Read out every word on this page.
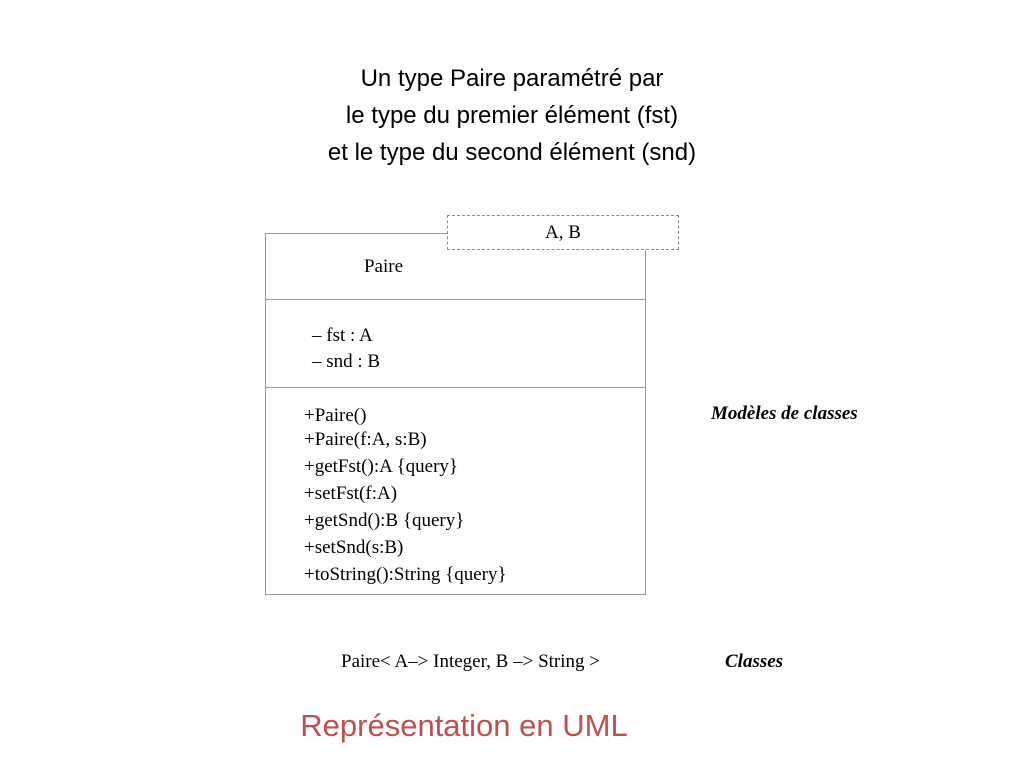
Un type Paire paramétré par
le type du premier élément (fst)
et le type du second élément (snd)
Paire
– fst : A
– snd : B
+Paire()
+Paire(f:A, s:B)
+getFst():A {query}
+setFst(f:A)
+getSnd():B {query}
+setSnd(s:B)
+toString():String {query}
A, B
Modèles de classes
Paire< A–> Integer, B –> String >	Classes
Représentation en UML
